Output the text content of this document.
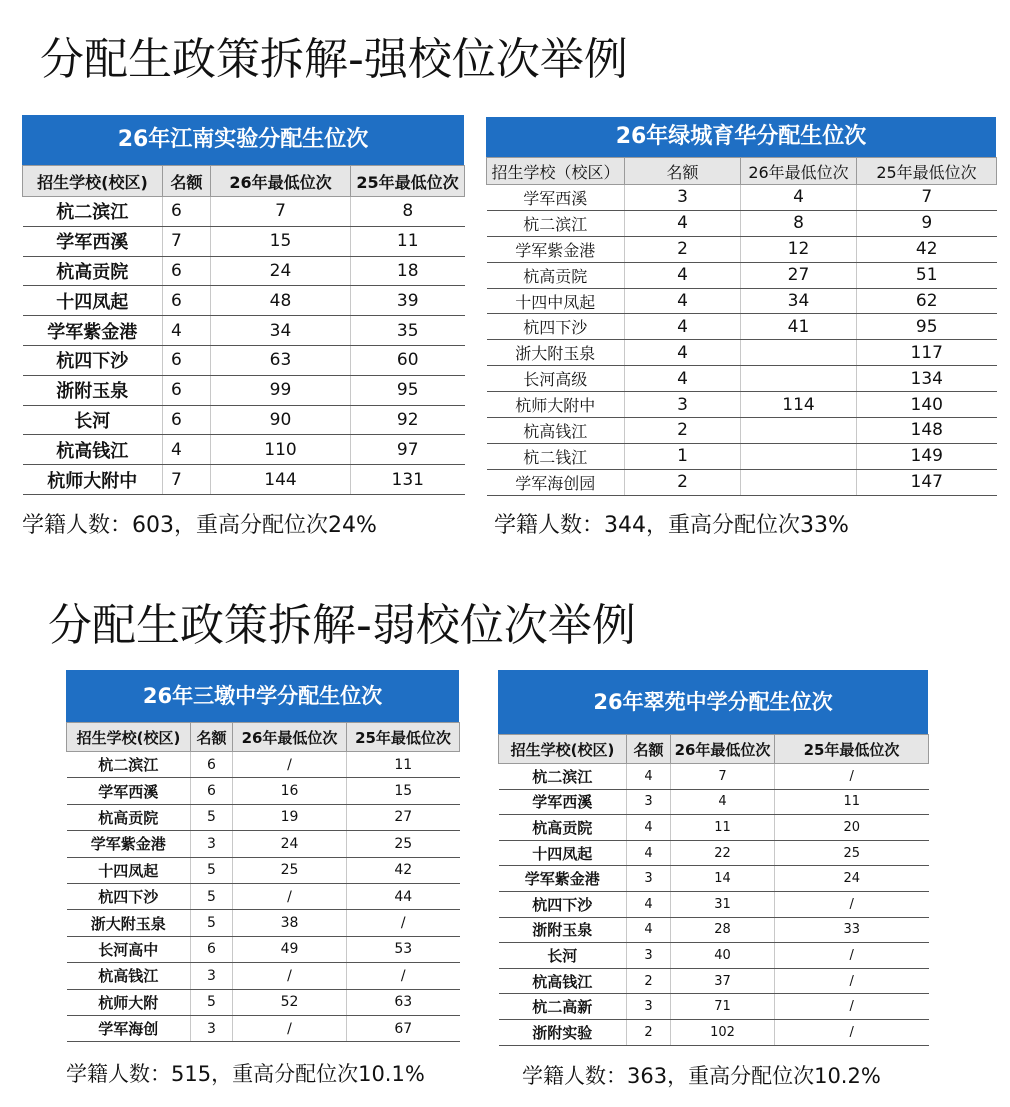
分配生政策拆解-强校位次举例
26年江南实验分配生位次
招生学校(校区)	名额	26年最低位次	25年最低位次
杭二滨江	6	7	8
学军西溪	7	15	11
杭高贡院	6	24	18
十四凤起	6	48	39
学军紫金港	4	34	35
杭四下沙	6	63	60
浙附玉泉	6	99	95
长河	6	90	92
杭高钱江	4	110	97
杭师大附中	7	144	131
学籍人数：603，重高分配位次24%
26年绿城育华分配生位次
招生学校（校区）	名额	26年最低位次	25年最低位次
学军西溪	3	4	7
杭二滨江	4	8	9
学军紫金港	2	12	42
杭高贡院	4	27	51
十四中凤起	4	34	62
杭四下沙	4	41	95
浙大附玉泉	4		117
长河高级	4		134
杭师大附中	3	114	140
杭高钱江	2		148
杭二钱江	1		149
学军海创园	2		147
学籍人数：344，重高分配位次33%
分配生政策拆解-弱校位次举例
26年三墩中学分配生位次
招生学校(校区)	名额	26年最低位次	25年最低位次
杭二滨江	6	/	11
学军西溪	6	16	15
杭高贡院	5	19	27
学军紫金港	3	24	25
十四凤起	5	25	42
杭四下沙	5	/	44
浙大附玉泉	5	38	/
长河高中	6	49	53
杭高钱江	3	/	/
杭师大附	5	52	63
学军海创	3	/	67
学籍人数：515，重高分配位次10.1%
26年翠苑中学分配生位次
招生学校(校区)	名额	26年最低位次	25年最低位次
杭二滨江	4	7	/
学军西溪	3	4	11
杭高贡院	4	11	20
十四凤起	4	22	25
学军紫金港	3	14	24
杭四下沙	4	31	/
浙附玉泉	4	28	33
长河	3	40	/
杭高钱江	2	37	/
杭二高新	3	71	/
浙附实验	2	102	/
学籍人数：363，重高分配位次10.2%
